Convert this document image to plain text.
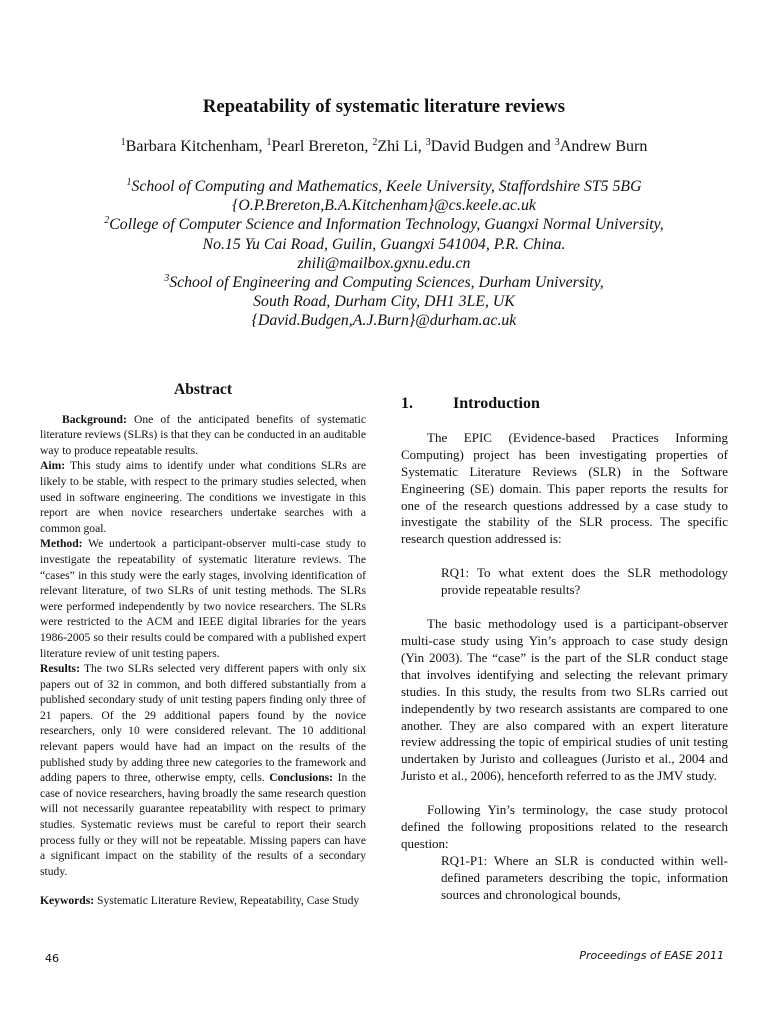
Repeatability of systematic literature reviews
$^1$Barbara Kitchenham, $^1$Pearl Brereton, $^2$Zhi Li, $^3$David Budgen and $^3$Andrew Burn
$^1$School of Computing and Mathematics, Keele University, Staffordshire ST5 5BG
{O.P.Brereton,B.A.Kitchenham}@cs.keele.ac.uk
$^2$College of Computer Science and Information Technology, Guangxi Normal University,
No.15 Yu Cai Road, Guilin, Guangxi 541004, P.R. China.
zhili@mailbox.gxnu.edu.cn
$^3$School of Engineering and Computing Sciences, Durham University,
South Road, Durham City, DH1 3LE, UK
{David.Budgen,A.J.Burn}@durham.ac.uk
Abstract

Background: One of the anticipated benefits of systematic literature reviews (SLRs) is that they can be conducted in an auditable way to produce repeatable results.

Aim: This study aims to identify under what conditions SLRs are likely to be stable, with respect to the primary studies selected, when used in software engineering. The conditions we investigate in this report are when novice researchers undertake searches with a common goal.

Method: We undertook a participant-observer multi-case study to investigate the repeatability of systematic literature reviews. The “cases” in this study were the early stages, involving identification of relevant literature, of two SLRs of unit testing methods. The SLRs were performed independently by two novice researchers. The SLRs were restricted to the ACM and IEEE digital libraries for the years 1986-2005 so their results could be compared with a published expert literature review of unit testing papers.

Results: The two SLRs selected very different papers with only six papers out of 32 in common, and both differed substantially from a published secondary study of unit testing papers finding only three of 21 papers. Of the 29 additional papers found by the novice researchers, only 10 were considered relevant. The 10 additional relevant papers would have had an impact on the results of the published study by adding three new categories to the framework and adding papers to three, otherwise empty, cells. Conclusions: In the case of novice researchers, having broadly the same research question will not necessarily guarantee repeatability with respect to primary studies. Systematic reviews must be careful to report their search process fully or they will not be repeatable. Missing papers can have a significant impact on the stability of the results of a secondary study.

Keywords: Systematic Literature Review, Repeatability, Case Study

1.	Introduction

The EPIC (Evidence-based Practices Informing Computing) project has been investigating properties of Systematic Literature Reviews (SLR) in the Software Engineering (SE) domain. This paper reports the results for one of the research questions addressed by a case study to investigate the stability of the SLR process. The specific research question addressed is:

RQ1: To what extent does the SLR methodology provide repeatable results?

The basic methodology used is a participant-observer multi-case study using Yin’s approach to case study design (Yin 2003). The “case” is the part of the SLR conduct stage that involves identifying and selecting the relevant primary studies. In this study, the results from two SLRs carried out independently by two research assistants are compared to one another. They are also compared with an expert literature review addressing the topic of empirical studies of unit testing undertaken by Juristo and colleagues (Juristo et al., 2004 and Juristo et al., 2006), henceforth referred to as the JMV study.

Following Yin’s terminology, the case study protocol defined the following propositions related to the research question:

RQ1-P1: Where an SLR is conducted within well-defined parameters describing the topic, information sources and chronological bounds,

46	Proceedings of EASE 2011
